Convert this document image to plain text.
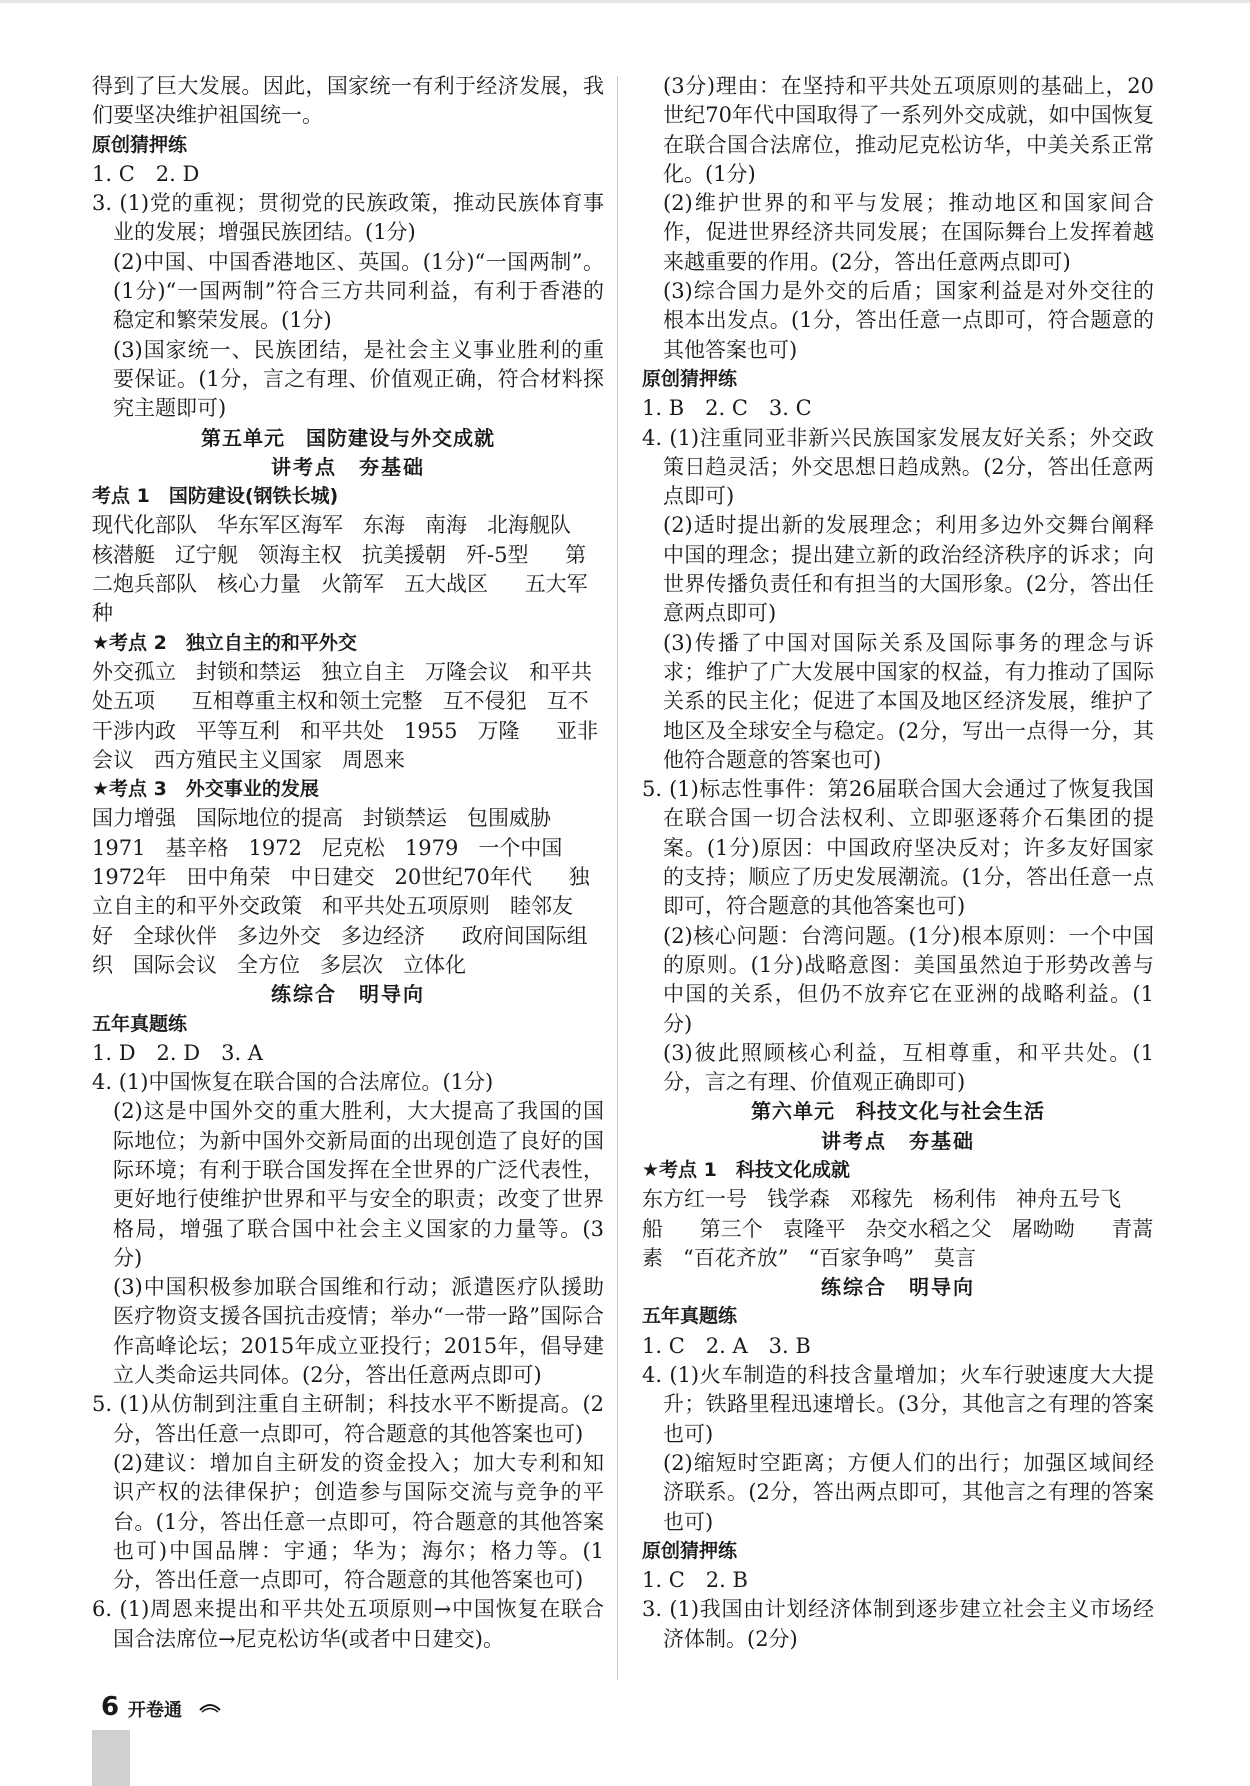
得到了巨大发展。因此，国家统一有利于经济发展，我们要坚决维护祖国统一。

原创猜押练

1. C　2. D

3. (1)党的重视；贯彻党的民族政策，推动民族体育事业的发展；增强民族团结。(1分)

(2)中国、中国香港地区、英国。(1分)“一国两制”。(1分)“一国两制”符合三方共同利益，有利于香港的稳定和繁荣发展。(1分)

(3)国家统一、民族团结，是社会主义事业胜利的重要保证。(1分，言之有理、价值观正确，符合材料探究主题即可)

第五单元　国防建设与外交成就

讲考点　夯基础

考点 1　国防建设(钢铁长城)

现代化部队 华东军区海军 东海 南海 北海舰队 核潜艇 辽宁舰 领海主权 抗美援朝 歼-5型 第二炮兵部队 核心力量 火箭军 五大战区 五大军种

★考点 2　独立自主的和平外交

外交孤立 封锁和禁运 独立自主 万隆会议 和平共处五项 互相尊重主权和领土完整 互不侵犯 互不干涉内政 平等互利 和平共处 1955 万隆 亚非会议 西方殖民主义国家 周恩来

★考点 3　外交事业的发展

国力增强 国际地位的提高 封锁禁运 包围威胁 1971 基辛格 1972 尼克松 1979 一个中国 1972年 田中角荣 中日建交 20世纪70年代 独立自主的和平外交政策 和平共处五项原则 睦邻友好 全球伙伴 多边外交 多边经济 政府间国际组织 国际会议 全方位 多层次 立体化

练综合　明导向

五年真题练

1. D　2. D　3. A

4. (1)中国恢复在联合国的合法席位。(1分)

(2)这是中国外交的重大胜利，大大提高了我国的国际地位；为新中国外交新局面的出现创造了良好的国际环境；有利于联合国发挥在全世界的广泛代表性，更好地行使维护世界和平与安全的职责；改变了世界格局，增强了联合国中社会主义国家的力量等。(3分)

(3)中国积极参加联合国维和行动；派遣医疗队援助医疗物资支援各国抗击疫情；举办“一带一路”国际合作高峰论坛；2015年成立亚投行；2015年，倡导建立人类命运共同体。(2分，答出任意两点即可)

5. (1)从仿制到注重自主研制；科技水平不断提高。(2分，答出任意一点即可，符合题意的其他答案也可)

(2)建议：增加自主研发的资金投入；加大专利和知识产权的法律保护；创造参与国际交流与竞争的平台。(1分，答出任意一点即可，符合题意的其他答案也可)中国品牌：宇通；华为；海尔；格力等。(1分，答出任意一点即可，符合题意的其他答案也可)

6. (1)周恩来提出和平共处五项原则→中国恢复在联合国合法席位→尼克松访华(或者中日建交)。

(3分)理由：在坚持和平共处五项原则的基础上，20世纪70年代中国取得了一系列外交成就，如中国恢复在联合国合法席位，推动尼克松访华，中美关系正常化。(1分)

(2)维护世界的和平与发展；推动地区和国家间合作，促进世界经济共同发展；在国际舞台上发挥着越来越重要的作用。(2分，答出任意两点即可)

(3)综合国力是外交的后盾；国家利益是对外交往的根本出发点。(1分，答出任意一点即可，符合题意的其他答案也可)

原创猜押练

1. B　2. C　3. C

4. (1)注重同亚非新兴民族国家发展友好关系；外交政策日趋灵活；外交思想日趋成熟。(2分，答出任意两点即可)

(2)适时提出新的发展理念；利用多边外交舞台阐释中国的理念；提出建立新的政治经济秩序的诉求；向世界传播负责任和有担当的大国形象。(2分，答出任意两点即可)

(3)传播了中国对国际关系及国际事务的理念与诉求；维护了广大发展中国家的权益，有力推动了国际关系的民主化；促进了本国及地区经济发展，维护了地区及全球安全与稳定。(2分，写出一点得一分，其他符合题意的答案也可)

5. (1)标志性事件：第26届联合国大会通过了恢复我国在联合国一切合法权利、立即驱逐蒋介石集团的提案。(1分)原因：中国政府坚决反对；许多友好国家的支持；顺应了历史发展潮流。(1分，答出任意一点即可，符合题意的其他答案也可)

(2)核心问题：台湾问题。(1分)根本原则：一个中国的原则。(1分)战略意图：美国虽然迫于形势改善与中国的关系，但仍不放弃它在亚洲的战略利益。(1分)

(3)彼此照顾核心利益，互相尊重，和平共处。(1分，言之有理、价值观正确即可)

第六单元　科技文化与社会生活

讲考点　夯基础

★考点 1　科技文化成就

东方红一号 钱学森 邓稼先 杨利伟 神舟五号飞船 第三个 袁隆平 杂交水稻之父 屠呦呦 青蒿素 “百花齐放” “百家争鸣” 莫言

练综合　明导向

五年真题练

1. C　2. A　3. B

4. (1)火车制造的科技含量增加；火车行驶速度大大提升；铁路里程迅速增长。(3分，其他言之有理的答案也可)

(2)缩短时空距离；方便人们的出行；加强区域间经济联系。(2分，答出两点即可，其他言之有理的答案也可)

原创猜押练

1. C　2. B

3. (1)我国由计划经济体制到逐步建立社会主义市场经济体制。(2分)

6 开卷通
